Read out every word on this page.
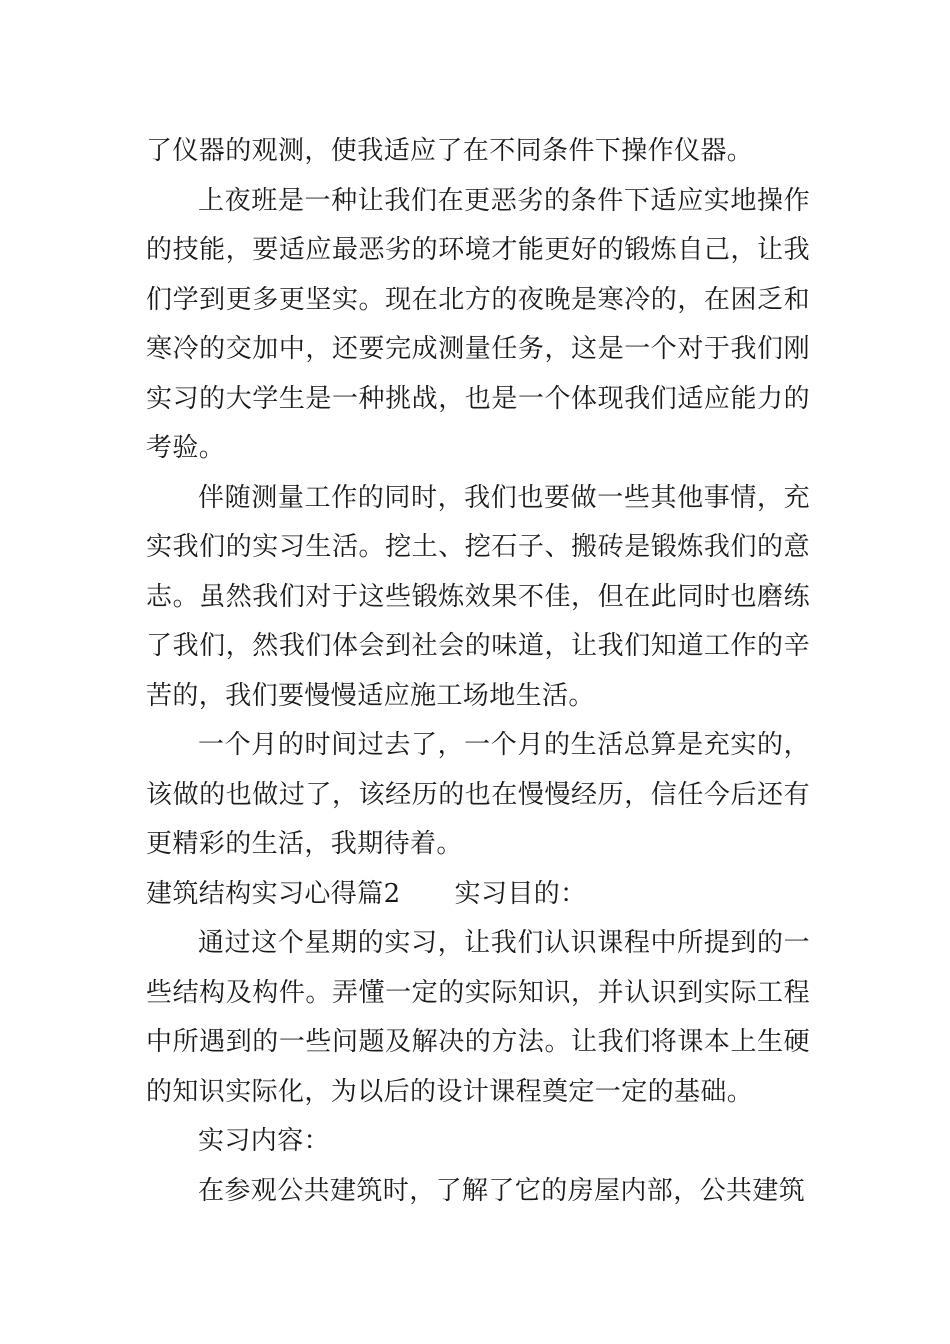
了仪器的观测，使我适应了在不同条件下操作仪器。

上夜班是一种让我们在更恶劣的条件下适应实地操作的技能，要适应最恶劣的环境才能更好的锻炼自己，让我们学到更多更坚实。现在北方的夜晚是寒冷的，在困乏和寒冷的交加中，还要完成测量任务，这是一个对于我们刚实习的大学生是一种挑战，也是一个体现我们适应能力的考验。

伴随测量工作的同时，我们也要做一些其他事情，充实我们的实习生活。挖土、挖石子、搬砖是锻炼我们的意志。虽然我们对于这些锻炼效果不佳，但在此同时也磨练了我们，然我们体会到社会的味道，让我们知道工作的辛苦的，我们要慢慢适应施工场地生活。

一个月的时间过去了，一个月的生活总算是充实的，该做的也做过了，该经历的也在慢慢经历，信任今后还有更精彩的生活，我期待着。

建筑结构实习心得篇2 实习目的：

通过这个星期的实习，让我们认识课程中所提到的一些结构及构件。弄懂一定的实际知识，并认识到实际工程中所遇到的一些问题及解决的方法。让我们将课本上生硬的知识实际化，为以后的设计课程奠定一定的基础。

实习内容：

在参观公共建筑时，了解了它的房屋内部，公共建筑
